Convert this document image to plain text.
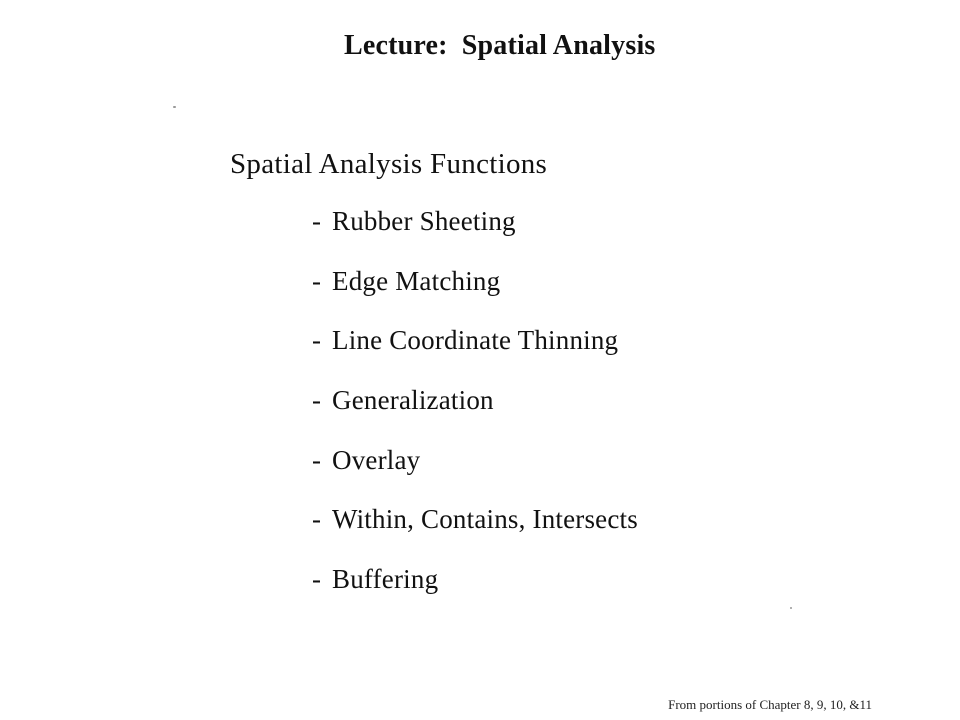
Lecture: Spatial Analysis
Spatial Analysis Functions
- Rubber Sheeting
- Edge Matching
- Line Coordinate Thinning
- Generalization
- Overlay
- Within, Contains, Intersects
- Buffering
From portions of Chapter 8, 9, 10, &11
